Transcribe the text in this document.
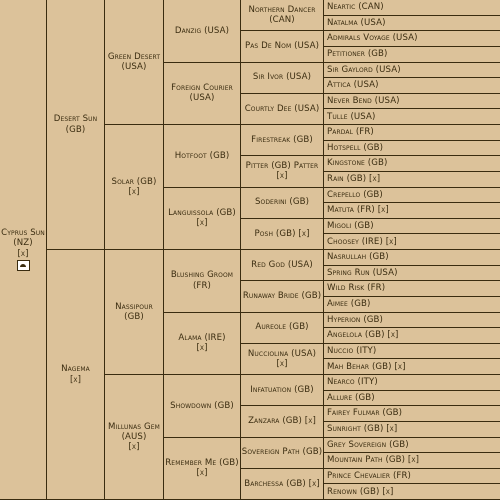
Cyprus Sun
(NZ)
[x]
Desert Sun (GB)
Nagema
[x]
Green Desert (USA)
Solar (GB)
[x]
Nassipour (GB)
Millunas Gem (AUS)
[x]
Danzig (USA)
Foreign Courier (USA)
Hotfoot (GB)
Languissola (GB)
[x]
Blushing Groom (FR)
Alama (IRE)
[x]
Showdown (GB)
Remember Me (GB)
[x]
Northern Dancer (CAN)
Pas De Nom (USA)
Sir Ivor (USA)
Courtly Dee (USA)
Firestreak (GB)
Pitter (GB) Patter [x]
Soderini (GB)
Posh (GB) [x]
Red God (USA)
Runaway Bride (GB)
Aureole (GB)
Nucciolina (USA) [x]
Infatuation (GB)
Zanzara (GB) [x]
Sovereign Path (GB)
Barchessa (GB) [x]
Neartic (CAN)
Natalma (USA)
Admirals Voyage (USA)
Petitioner (GB)
Sir Gaylord (USA)
Attica (USA)
Never Bend (USA)
Tulle (USA)
Pardal (FR)
Hotspell (GB)
Kingstone (GB)
Rain (GB) [x]
Crepello (GB)
Matuta (FR) [x]
Migoli (GB)
Choosey (IRE) [x]
Nasrullah (GB)
Spring Run (USA)
Wild Risk (FR)
Aimee (GB)
Hyperion (GB)
Angelola (GB) [x]
Nuccio (ITY)
Mah Behar (GB) [x]
Nearco (ITY)
Allure (GB)
Fairey Fulmar (GB)
Sunright (GB) [x]
Grey Sovereign (GB)
Mountain Path (GB) [x]
Prince Chevalier (FR)
Renown (GB) [x]
